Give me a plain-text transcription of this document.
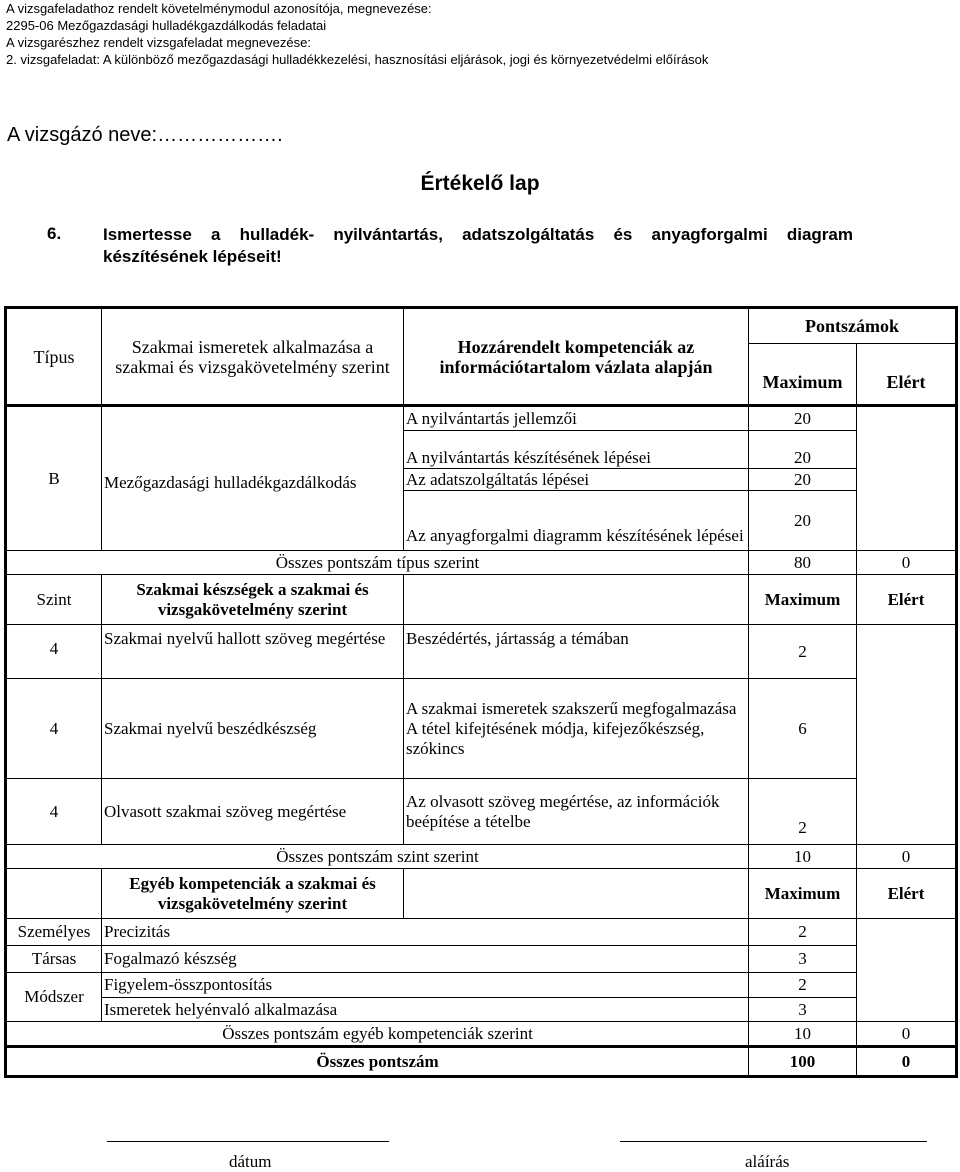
A vizsgafeladathoz rendelt követelménymodul azonosítója, megnevezése:
2295-06 Mezőgazdasági hulladékgazdálkodás feladatai
A vizsgarészhez rendelt vizsgafeladat megnevezése:
2. vizsgafeladat: A különböző mezőgazdasági hulladékkezelési, hasznosítási eljárások, jogi és környezetvédelmi előírások
A vizsgázó neve:……………….
Értékelő lap
6. Ismertesse a hulladék- nyilvántartás, adatszolgáltatás és anyagforgalmi diagram
készítésének lépéseit!
Típus	Szakmai ismeretek alkalmazása a szakmai és vizsgakövetelmény szerint	Hozzárendelt kompetenciák az információtartalom vázlata alapján	Pontszámok	
			Maximum	Elért
B	Mezőgazdasági hulladékgazdálkodás	A nyilvántartás jellemzői	20	
		A nyilvántartás készítésének lépései	20	
		Az adatszolgáltatás lépései	20	
		Az anyagforgalmi diagramm készítésének lépései	20	
Összes pontszám típus szerint			80	0
Szint	Szakmai készségek a szakmai és vizsgakövetelmény szerint		Maximum	Elért
4	Szakmai nyelvű hallott szöveg megértése	Beszédértés, jártasság a témában	2	
4	Szakmai nyelvű beszédkészség	A szakmai ismeretek szakszerű megfogalmazása A tétel kifejtésének módja, kifejezőkészség, szókincs	6	
4	Olvasott szakmai szöveg megértése	Az olvasott szöveg megértése, az információk beépítése a tételbe	2	
Összes pontszám szint szerint			10	0
	Egyéb kompetenciák a szakmai és vizsgakövetelmény szerint		Maximum	Elért
Személyes	Precizitás		2	
Társas	Fogalmazó készség		3	
Módszer	Figyelem-összpontosítás		2	
	Ismeretek helyénvaló alkalmazása		3	
Összes pontszám egyéb kompetenciák szerint			10	0
Összes pontszám			100	0
dátum	aláírás
